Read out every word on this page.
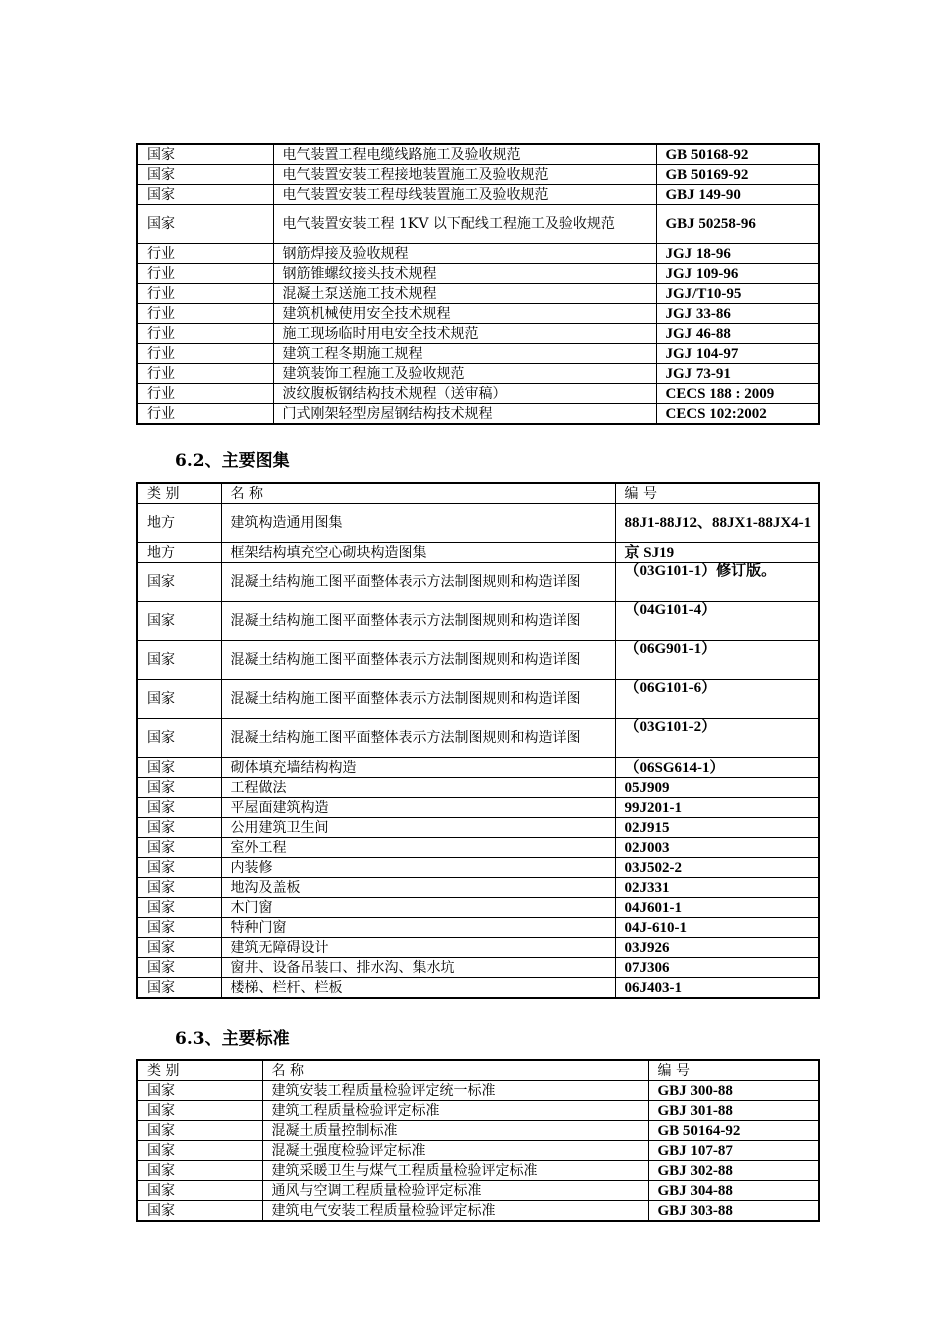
国家	电气装置工程电缆线路施工及验收规范	GB 50168-92
国家	电气装置安装工程接地装置施工及验收规范	GB 50169-92
国家	电气装置安装工程母线装置施工及验收规范	GBJ 149-90
国家	电气装置安装工程 1KV 以下配线工程施工及验收规范	GBJ 50258-96
行业	钢筋焊接及验收规程	JGJ 18-96
行业	钢筋锥螺纹接头技术规程	JGJ 109-96
行业	混凝土泵送施工技术规程	JGJ/T10-95
行业	建筑机械使用安全技术规程	JGJ 33-86
行业	施工现场临时用电安全技术规范	JGJ 46-88
行业	建筑工程冬期施工规程	JGJ 104-97
行业	建筑装饰工程施工及验收规范	JGJ 73-91
行业	波纹腹板钢结构技术规程（送审稿）	CECS 188 : 2009
行业	门式刚架轻型房屋钢结构技术规程	CECS 102:2002
6.2、主要图集
类 别	名 称	编 号
地方	建筑构造通用图集	88J1-88J12、88JX1-88JX4-1
地方	框架结构填充空心砌块构造图集	京 SJ19
国家	混凝土结构施工图平面整体表示方法制图规则和构造详图	（03G101-1）修订版。
国家	混凝土结构施工图平面整体表示方法制图规则和构造详图	（04G101-4）
国家	混凝土结构施工图平面整体表示方法制图规则和构造详图	（06G901-1）
国家	混凝土结构施工图平面整体表示方法制图规则和构造详图	（06G101-6）
国家	混凝土结构施工图平面整体表示方法制图规则和构造详图	（03G101-2）
国家	砌体填充墙结构构造	（06SG614-1）
国家	工程做法	05J909
国家	平屋面建筑构造	99J201-1
国家	公用建筑卫生间	02J915
国家	室外工程	02J003
国家	内装修	03J502-2
国家	地沟及盖板	02J331
国家	木门窗	04J601-1
国家	特种门窗	04J-610-1
国家	建筑无障碍设计	03J926
国家	窗井、设备吊装口、排水沟、集水坑	07J306
国家	楼梯、栏杆、栏板	06J403-1
6.3、主要标准
类 别	名 称	编 号
国家	建筑安装工程质量检验评定统一标准	GBJ 300-88
国家	建筑工程质量检验评定标准	GBJ 301-88
国家	混凝土质量控制标准	GB 50164-92
国家	混凝土强度检验评定标准	GBJ 107-87
国家	建筑采暖卫生与煤气工程质量检验评定标准	GBJ 302-88
国家	通风与空调工程质量检验评定标准	GBJ 304-88
国家	建筑电气安装工程质量检验评定标准	GBJ 303-88
